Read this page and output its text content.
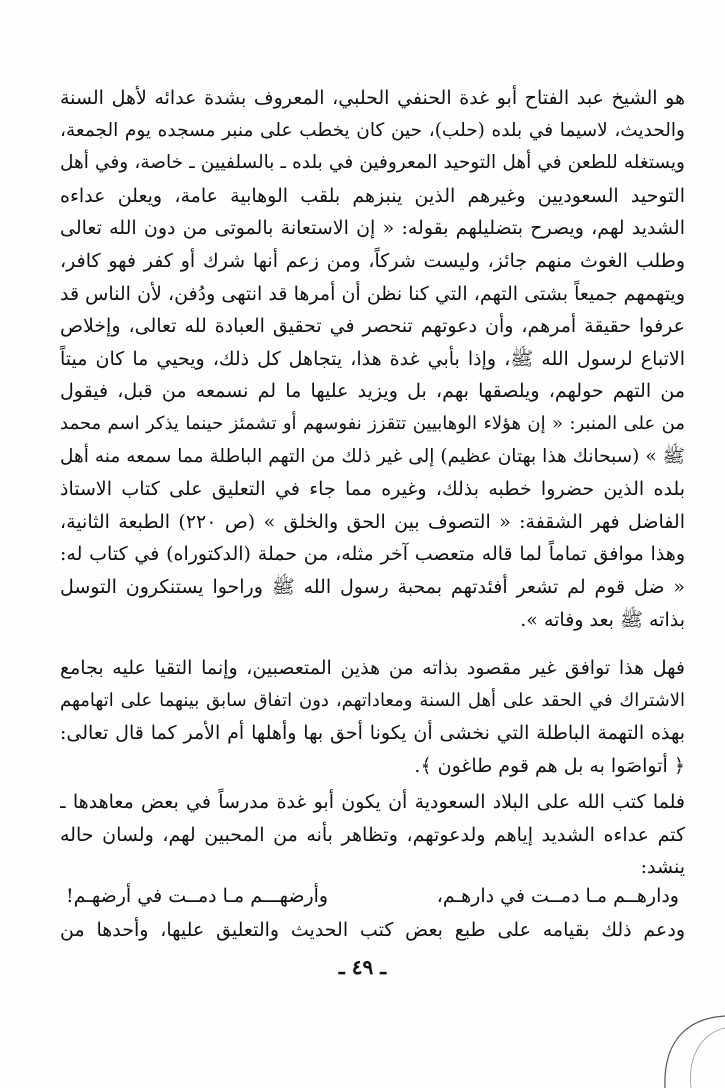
هو الشيخ عبد الفتاح أبو غدة الحنفي الحلبي، المعروف بشدة عدائه لأهل السنة
والحديث، لاسيما في بلده (حلب)، حين كان يخطب على منبر مسجده يوم الجمعة،
ويستغله للطعن في أهل التوحيد المعروفين في بلده ـ بالسلفيين ـ خاصة، وفي أهل
التوحيد السعوديين وغيرهم الذين ينبزهم بلقب الوهابية عامة، ويعلن عداءه
الشديد لهم، ويصرح بتضليلهم بقوله: « إن الاستعانة بالموتى من دون الله تعالى
وطلب الغوث منهم جائز، وليست شركاً، ومن زعم أنها شرك أو كفر فهو كافر،
ويتهمهم جميعاً بشتى التهم، التي كنا نظن أن أمرها قد انتهى ودُفن، لأن الناس قد
عرفوا حقيقة أمرهم، وأن دعوتهم تنحصر في تحقيق العبادة لله تعالى، وإخلاص
الاتباع لرسول الله ﷺ، وإذا بأبي غدة هذا، يتجاهل كل ذلك، ويحيي ما كان ميتاً
من التهم حولهم، ويلصقها بهم، بل ويزيد عليها ما لم نسمعه من قبل، فيقول
من على المنبر: « إن هؤلاء الوهابيين تتقزز نفوسهم أو تشمئز حينما يذكر اسم محمد
ﷺ » (سبحانك هذا بهتان عظيم) إلى غير ذلك من التهم الباطلة مما سمعه منه أهل
بلده الذين حضروا خطبه بذلك، وغيره مما جاء في التعليق على كتاب الاستاذ
الفاضل فهر الشقفة: « التصوف بين الحق والخلق » (ص ٢٢٠) الطبعة الثانية،
وهذا موافق تماماً لما قاله متعصب آخر مثله، من حملة (الدكتوراه) في كتاب له:
« ضل قوم لم تشعر أفئدتهم بمحبة رسول الله ﷺ وراحوا يستنكرون التوسل
بذاته ﷺ بعد وفاته ».
فهل هذا توافق غير مقصود بذاته من هذين المتعصبين، وإنما التقيا عليه بجامع
الاشتراك في الحقد على أهل السنة ومعاداتهم، دون اتفاق سابق بينهما على اتهامهم
بهذه التهمة الباطلة التي نخشى أن يكونا أحق بها وأهلها أم الأمر كما قال تعالى:
﴿ أتواصَوا به بل هم قوم طاغون ﴾.
فلما كتب الله على البلاد السعودية أن يكون أبو غدة مدرساً في بعض معاهدها ـ
كتم عداءه الشديد إياهم ولدعوتهم، وتظاهر بأنه من المحبين لهم، ولسان حاله
ينشد:
ودارهــم مـا دمــت في دارهـم،
وأرضهـــم مـا دمــت في أرضهـم!
ودعم ذلك بقيامه على طبع بعض كتب الحديث والتعليق عليها، وأحدها من
ـ ٤٩ ـ
